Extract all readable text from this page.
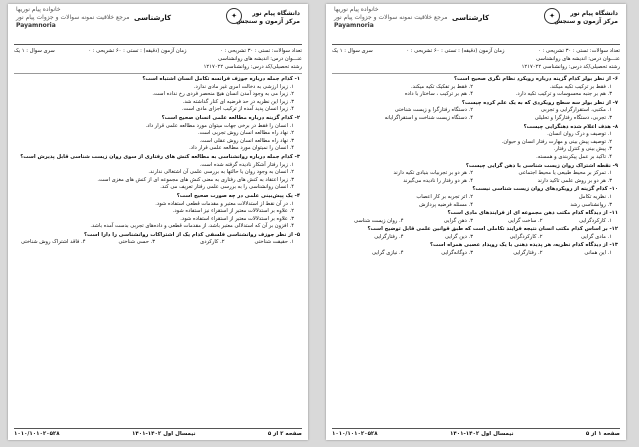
دانشگاه پیام نور
مرکز آزمون و سنجش
✦
کارشناسی
خانواده پیام نوریها
مرجع خلاقیت نمونه سوالات و جزوات پیام نور
Payamnoria
تعداد سوالات: تستی : ۳۰ تشریحی : ۰
زمان آزمون (دقیقه) : تستی : ۶۰ تشریحی : ۰
سری سوال : ۱ یک
عنـــوان درس: اندیشه های روانشناسی
رشته تحصیلی/کد درس: روانشناسی ۱۲۱۷۰۲۲
۱- کدام جمله درباره جوزف فرانسه تکامل انسان اشتباه است؟
۱. زیرا ارزشی به دخالت امری غیر مادی ندارد.
۲. زیرا می به وجود آمدن انسان هیچ منحصر فردی رخ نداده است.
۳. زیرا این نظریه در حد فرضیه ای کنار گذاشته شد.
۴. زیرا انسان پدید آمده از ترکیب اجزای مادی است.
۲- کدام گزینه درباره مطالعه علمی انسان صحیح است؟
۱. انسان را فقط در برخی جهات میتوان مورد مطالعه علمی قرار داد.
۲. نهاد راه مطالعه انسان روش تجربی است.
۳. نهاد راه مطالعه انسان روش عقلی است.
۴. انسان را نمیتوان مورد مطالعه علمی قرار داد.
۳- کدام جمله درباره روانشناسی به مطالعه کنش های رفتاری از سوی روان زیست شناسی قابل پذیرش است؟
۱. زیرا رفتار آشکار نادیده گرفته شده است.
۲. انسان به وجود روان یا حالتها به بررسی علمی آن اشتغالی ندارند.
۳. زیرا اعتقاد به کنش های رفتاری به معنی کنش های مجموعه ای از کنش های مغزی است.
۴. انسان روانشناسی را به بررسی علمی رفتار تعریف می کند.
۴- یک پیش‌بینی علمی در چه صورت صحیح است؟
۱. در آن نقط از استدلالات معتبر و مقدمات قطعی استفاده شود.
۲. علاوه بر استدلالات معتبر از استقراء نیز استفاده شود.
۳. علاوه بر استدلالات معتبر از استقراء استفاده شود.
۴. افزون بر آن که استدلالی معتبر باشد، از مقدمات قطعی و داده‌های تجربی بدست آمده باشد.
۵- از نظر جوزف روانشناسی فلسفی کدام یک از اشتراکات روانشناسی را دارا است؟
۱. حقیقت شناختی
۲. کارکردی
۳. حسی شناختی
۴. فاقد اشتراک روش شناختی
صفحه ۲ از ۵
نیمسال اول ۱۴۰۲-۱۴۰۱
۱۰۱۰/۱۰۱۰۲۰۵۲۸
دانشگاه پیام نور
مرکز آزمون و سنجش
✦
کارشناسی
خانواده پیام نوریها
مرجع خلاقیت نمونه سوالات و جزوات پیام نور
Payamnoria
تعداد سوالات: تستی : ۳۰ تشریحی : ۰
زمان آزمون (دقیقه) : تستی : ۶۰ تشریحی : ۰
سری سوال : ۱ یک
عنـــوان درس: اندیشه های روانشناسی
رشته تحصیلی/کد درس: روانشناسی ۱۲۱۷۰۲۲
۶- از نظر بولر کدام گزینه درباره رویکرد نظام نگری صحیح است؟
۱. فقط بر ترکیب تکیه میکند.
۲. فقط بر تفکیک تکیه میکند.
۳. هم بر جنبه محسوسات و ترکیب تکیه دارد.
۴. هم بر ترکیب ، ساختار با داده
۷- از نظر بولر سه سطح رویکردی که به یک علم کرده چیست؟
۱. مکتبی، استقرارگرایی و تجربی
۲. دستگاه رفتارگرا و زیست شناختی
۳. تجربی، دستگاه رفتارگرا و تحلیلی
۴. دستگاه زیست شناخت و استقراگرایانه
۸- هدف اعلام شده ذهنگرایی چیست؟
۱. توصیف و درک روان انسان.
۲. توصیف پیش بینی و مهارت رفتار انسان و حیوان.
۳. پیش بینی و کنترل رفتار.
۴. تاکید بر عمل پیکربندی و همسته.
۹- نقطه اشتراک روان زیست شناسی با ذهن گرایی چیست؟
۱. تمرکز بر محیط طبیعی یا محیط اجتماعی
۲. هر دو بر تجربیات بنیادی تکیه دارند
۳. هر دو بر روش علمی تاکید دارند
۴. هر دو رفتار را نادیده می‌گیرند
۱۰- کدام گزینه از رویکردهای روان زیست شناسی نیست؟
۱. نظریه تکامل
۲. اثر تجربه بر کار اعصاب
۳. روانشناسی رشد
۴. مسئله فرضیه پردازش
۱۱- از دیدگاه کدام مکتب ذهن مجموعه ای از فرایندهای مادی است؟
۱. کارکردگرایی
۲. ساخت گرایی
۳. ذهن گرایی
۴. روان زیست شناسی
۱۲- بر اساس کدام مکتب انسان نتیجه فرایند تکاملی است که طبق قوانین علمی قابل توضیح است؟
۱. مادی گرایی
۲. کارکردگرایی
۳. دین گرایی
۴. رفتارگرایی
۱۳- از دیدگاه کدام نظریه، هر پدیده ذهنی با یک رویداد عصبی همراه است؟
۱. این همانی
۲. رفتارگرایی
۳. دوگانه‌گرایی
۴. نیازی گرایی
صفحه ۱ از ۵
نیمسال اول ۱۴۰۲-۱۴۰۱
۱۰۱۰/۱۰۱۰۲۰۵۲۸
